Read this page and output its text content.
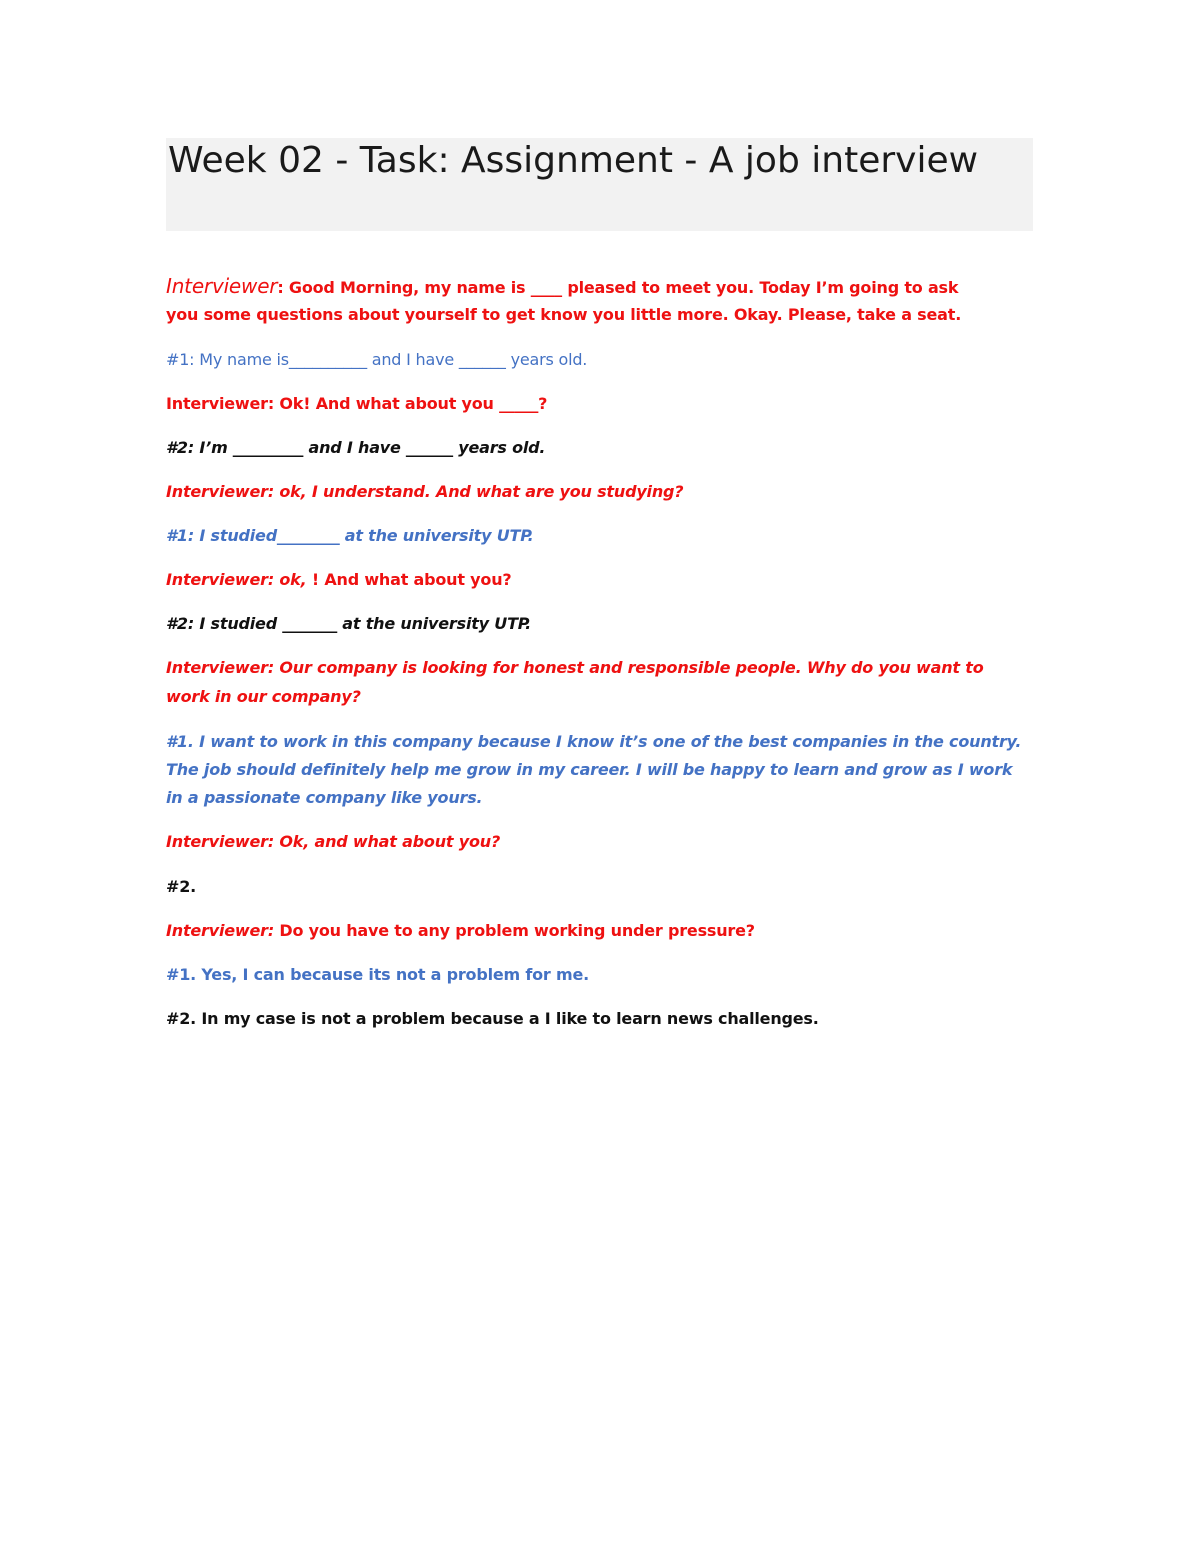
Week 02 - Task: Assignment - A job interview

Interviewer: Good Morning, my name is ____ pleased to meet you. Today I’m going to ask

you some questions about yourself to get know you little more. Okay. Please, take a seat.

#1: My name is__________ and I have ______ years old.

Interviewer: Ok! And what about you _____?

#2: I’m _________ and I have ______ years old.

Interviewer: ok, I understand. And what are you studying?

#1: I studied________ at the university UTP.

Interviewer: ok, ! And what about you?

#2: I studied _______ at the university UTP.

Interviewer: Our company is looking for honest and responsible people. Why do you want to

work in our company?

#1. I want to work in this company because I know it’s one of the best companies in the country.

The job should definitely help me grow in my career. I will be happy to learn and grow as I work

in a passionate company like yours.

Interviewer: Ok, and what about you?

#2.

Interviewer: Do you have to any problem working under pressure?

#1. Yes, I can because its not a problem for me.

#2. In my case is not a problem because a I like to learn news challenges.
